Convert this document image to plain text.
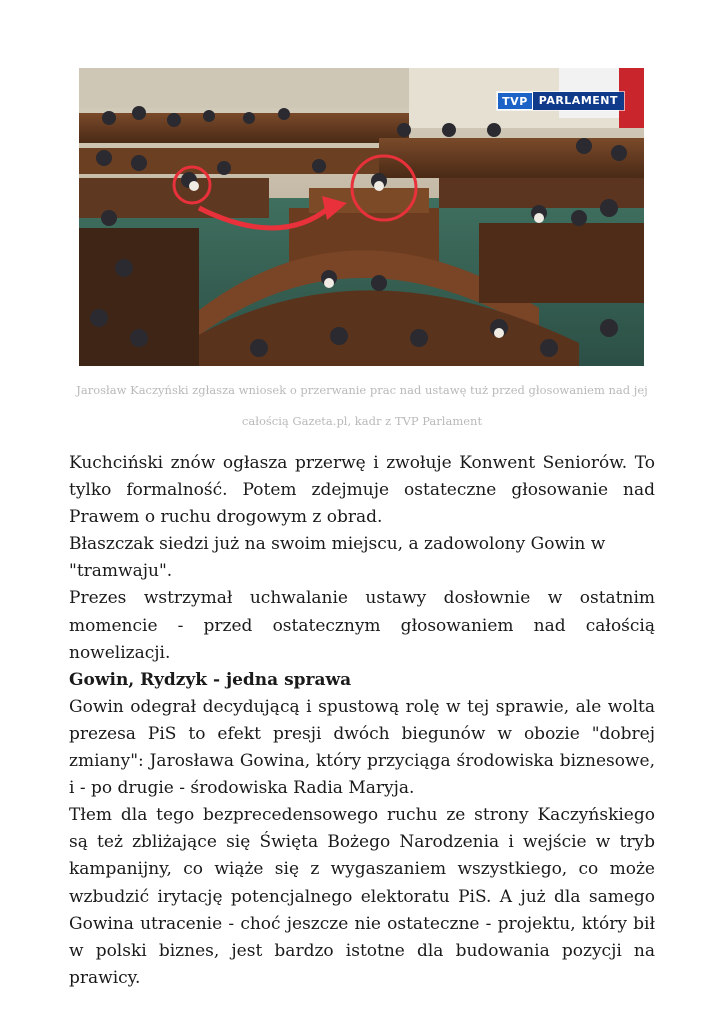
TVP	PARLAMENT

Jarosław Kaczyński zgłasza wniosek o przerwanie prac nad ustawę tuż przed głosowaniem nad jej

całością Gazeta.pl, kadr z TVP Parlament

Kuchciński znów ogłasza przerwę i zwołuje Konwent Seniorów. To tylko formalność. Potem zdejmuje ostateczne głosowanie nad Prawem o ruchu drogowym z obrad.

Błaszczak siedzi już na swoim miejscu, a zadowolony Gowin w "tramwaju".

Prezes wstrzymał uchwalanie ustawy dosłownie w ostatnim momencie - przed ostatecznym głosowaniem nad całością nowelizacji.

Gowin, Rydzyk - jedna sprawa

Gowin odegrał decydującą i spustową rolę w tej sprawie, ale wolta prezesa PiS to efekt presji dwóch biegunów w obozie "dobrej zmiany": Jarosława Gowina, który przyciąga środowiska biznesowe, i - po drugie - środowiska Radia Maryja.

Tłem dla tego bezprecedensowego ruchu ze strony Kaczyńskiego są też zbliżające się Święta Bożego Narodzenia i wejście w tryb kampanijny, co wiąże się z wygaszaniem wszystkiego, co może wzbudzić irytację potencjalnego elektoratu PiS. A już dla samego Gowina utracenie - choć jeszcze nie ostateczne - projektu, który bił w polski biznes, jest bardzo istotne dla budowania pozycji na prawicy.
